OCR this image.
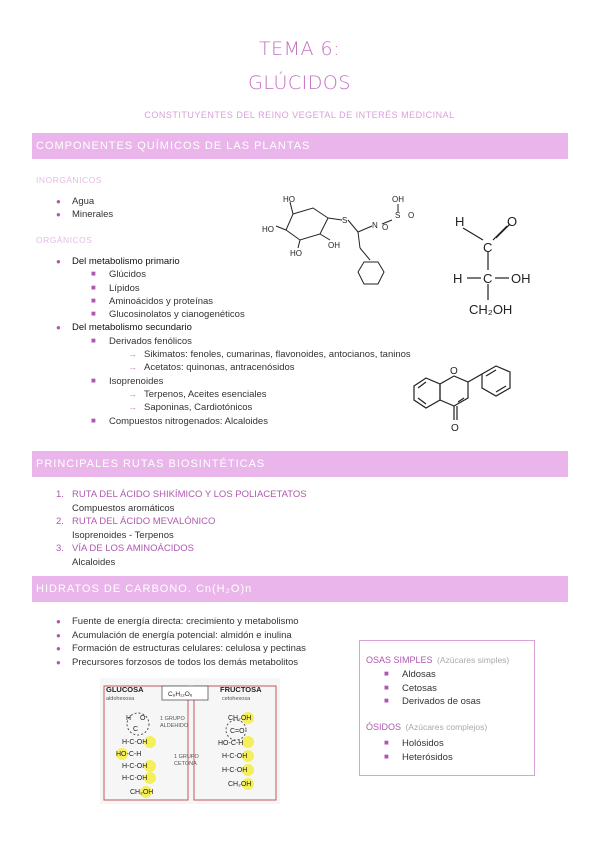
TEMA 6:
GLÚCIDOS
CONSTITUYENTES DEL REINO VEGETAL DE INTERÉS MEDICINAL
COMPONENTES QUÍMICOS DE LAS PLANTAS
INORGÁNICOS
● Agua
● Minerales
ORGÁNICOS
● Del metabolismo primario
■ Glúcidos
■ Lípidos
■ Aminoácidos y proteínas
■ Glucosinolatos y cianogenéticos
● Del metabolismo secundario
■ Derivados fenólicos
→ Sikimatos: fenoles, cumarinas, flavonoides, antocianos, taninos
→ Acetatos: quinonas, antracenósidos
■ Isoprenoides
→ Terpenos, Aceites esenciales
→ Saponinas, Cardiotónicos
■ Compuestos nitrogenados: Alcaloides
HO
HO
HO
OH
S
N O
S O
OH
H	O
C
H C OH
CH₂OH
O
O
PRINCIPALES RUTAS BIOSINTÉTICAS
1. RUTA DEL ÁCIDO SHIKÍMICO Y LOS POLIACETATOS
Compuestos aromáticos
2. RUTA DEL ÁCIDO MEVALÓNICO
Isoprenoides - Terpenos
3. VÍA DE LOS AMINOÁCIDOS
Alcaloides
HIDRATOS DE CARBONO. Cn(H₂O)n
● Fuente de energía directa: crecimiento y metabolismo
● Acumulación de energía potencial: almidón e inulina
● Formación de estructuras celulares: celulosa y pectinas
● Precursores forzosos de todos los demás metabolitos	OSAS SIMPLES (Azúcares simples)
■ Aldosas
■ Cetosas
■ Derivados de osas
ÓSIDOS (Azúcares complejos)
■ Holósidos
■ Heterósidos
GLUCOSA
aldohexosa
C₆H₁₂O₆
FRUCTOSA
cetohexosa
1 GRUPO
ALDEHIDO
1 GRUPO
CETONA
H O
C
H-C-OH
HO-C-H
H-C-OH
H-C-OH
CH₂OH
CH₂OH
C=O
HO-C-H
H-C-OH
H-C-OH
CH₂OH
